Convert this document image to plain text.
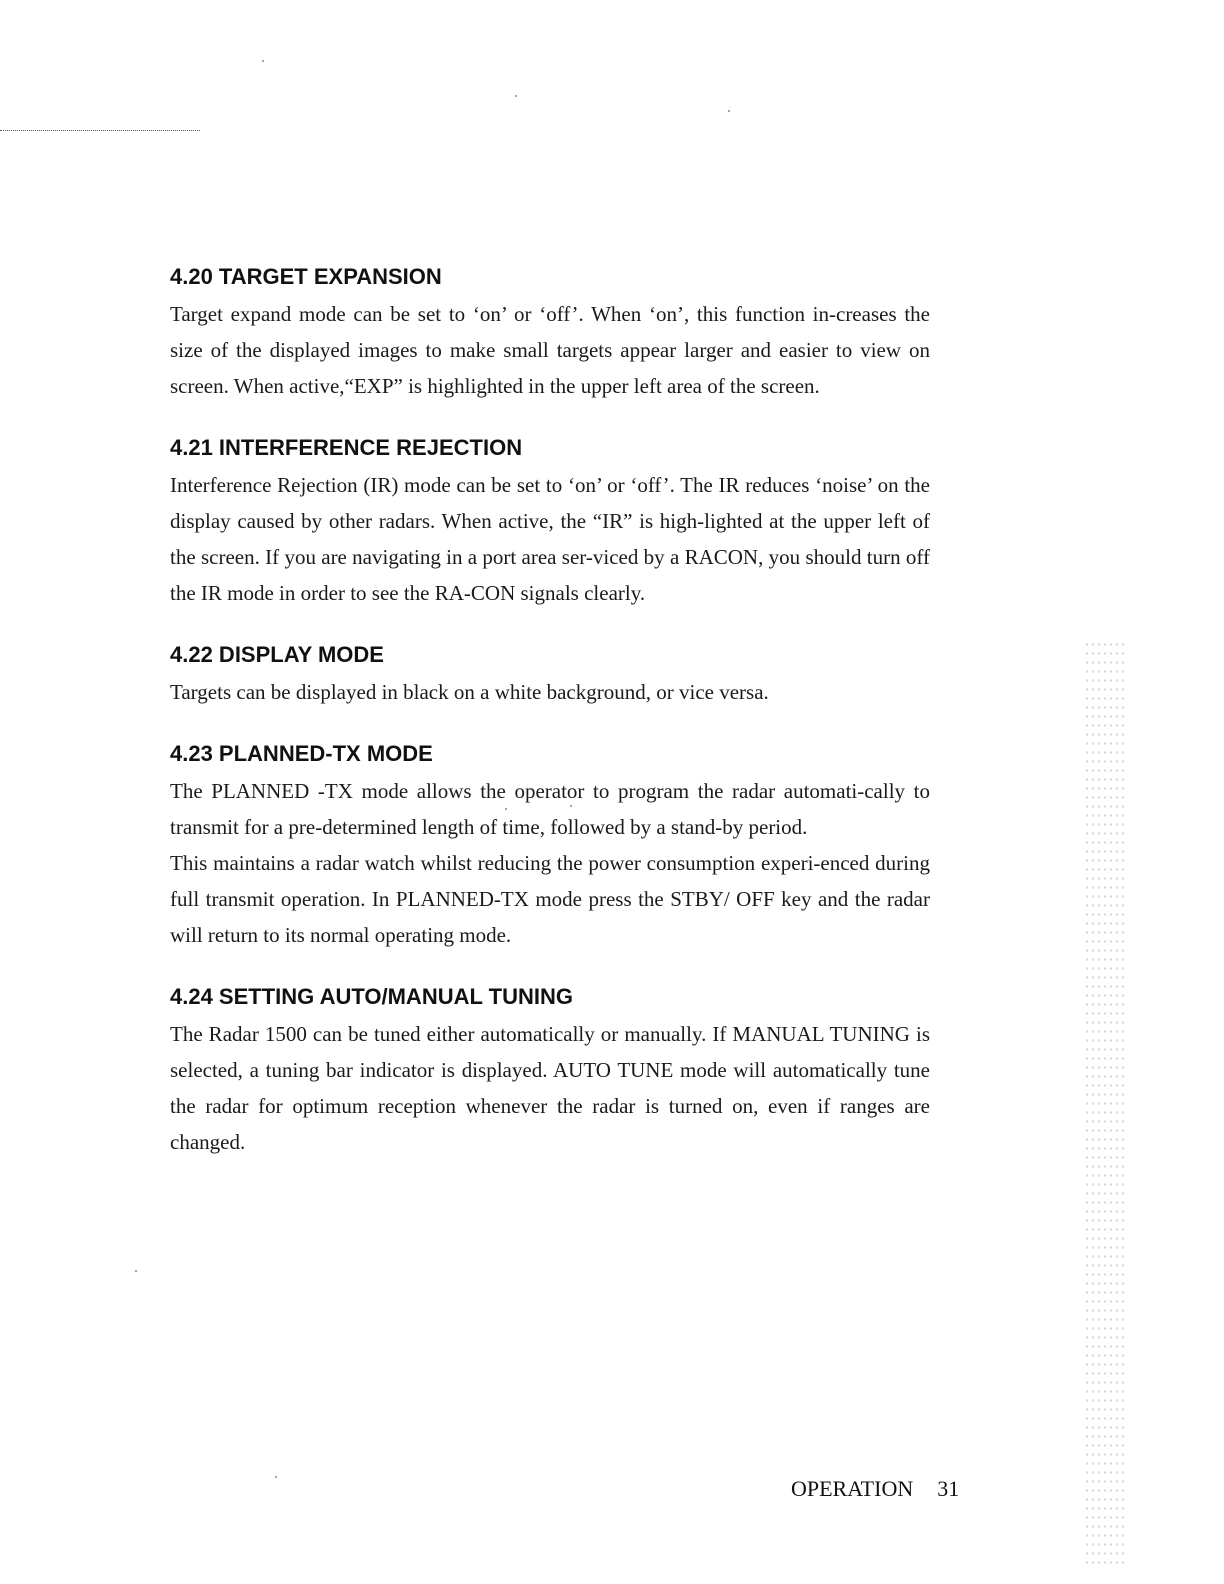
4.20 TARGET EXPANSION

Target expand mode can be set to ‘on’ or ‘off’. When ‘on’, this function in-creases the size of the displayed images to make small targets appear larger and easier to view on screen. When active,“EXP” is highlighted in the upper left area of the screen.

4.21 INTERFERENCE REJECTION

Interference Rejection (IR) mode can be set to ‘on’ or ‘off’. The IR reduces ‘noise’ on the display caused by other radars. When active, the “IR” is high-lighted at the upper left of the screen. If you are navigating in a port area ser-viced by a RACON, you should turn off the IR mode in order to see the RA-CON signals clearly.

4.22 DISPLAY MODE

Targets can be displayed in black on a white background, or vice versa.

4.23 PLANNED-TX MODE

The PLANNED -TX mode allows the operator to program the radar automati-cally to transmit for a pre-determined length of time, followed by a stand-by period.

This maintains a radar watch whilst reducing the power consumption experi-enced during full transmit operation. In PLANNED-TX mode press the STBY/ OFF key and the radar will return to its normal operating mode.

4.24 SETTING AUTO/MANUAL TUNING

The Radar 1500 can be tuned either automatically or manually. If MANUAL TUNING is selected, a tuning bar indicator is displayed. AUTO TUNE mode will automatically tune the radar for optimum reception whenever the radar is turned on, even if ranges are changed.

OPERATION 31
